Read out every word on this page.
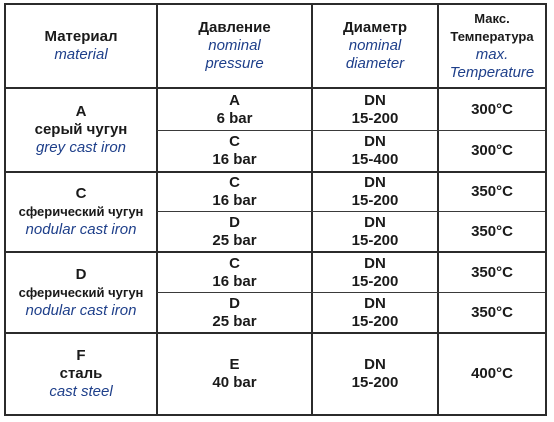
Материал
material
Давление
nominal
pressure
Диаметр
nominal
diameter
Макс.
Температура
max.
Temperature
A
серый чугун
grey cast iron
A
6 bar
DN
15-200
300°C
C
16 bar
DN
15-400
300°C
C
сферический чугун
nodular cast iron
C
16 bar
DN
15-200
350°C
D
25 bar
DN
15-200
350°C
D
сферический чугун
nodular cast iron
C
16 bar
DN
15-200
350°C
D
25 bar
DN
15-200
350°C
F
сталь
cast steel
E
40 bar
DN
15-200
400°C
